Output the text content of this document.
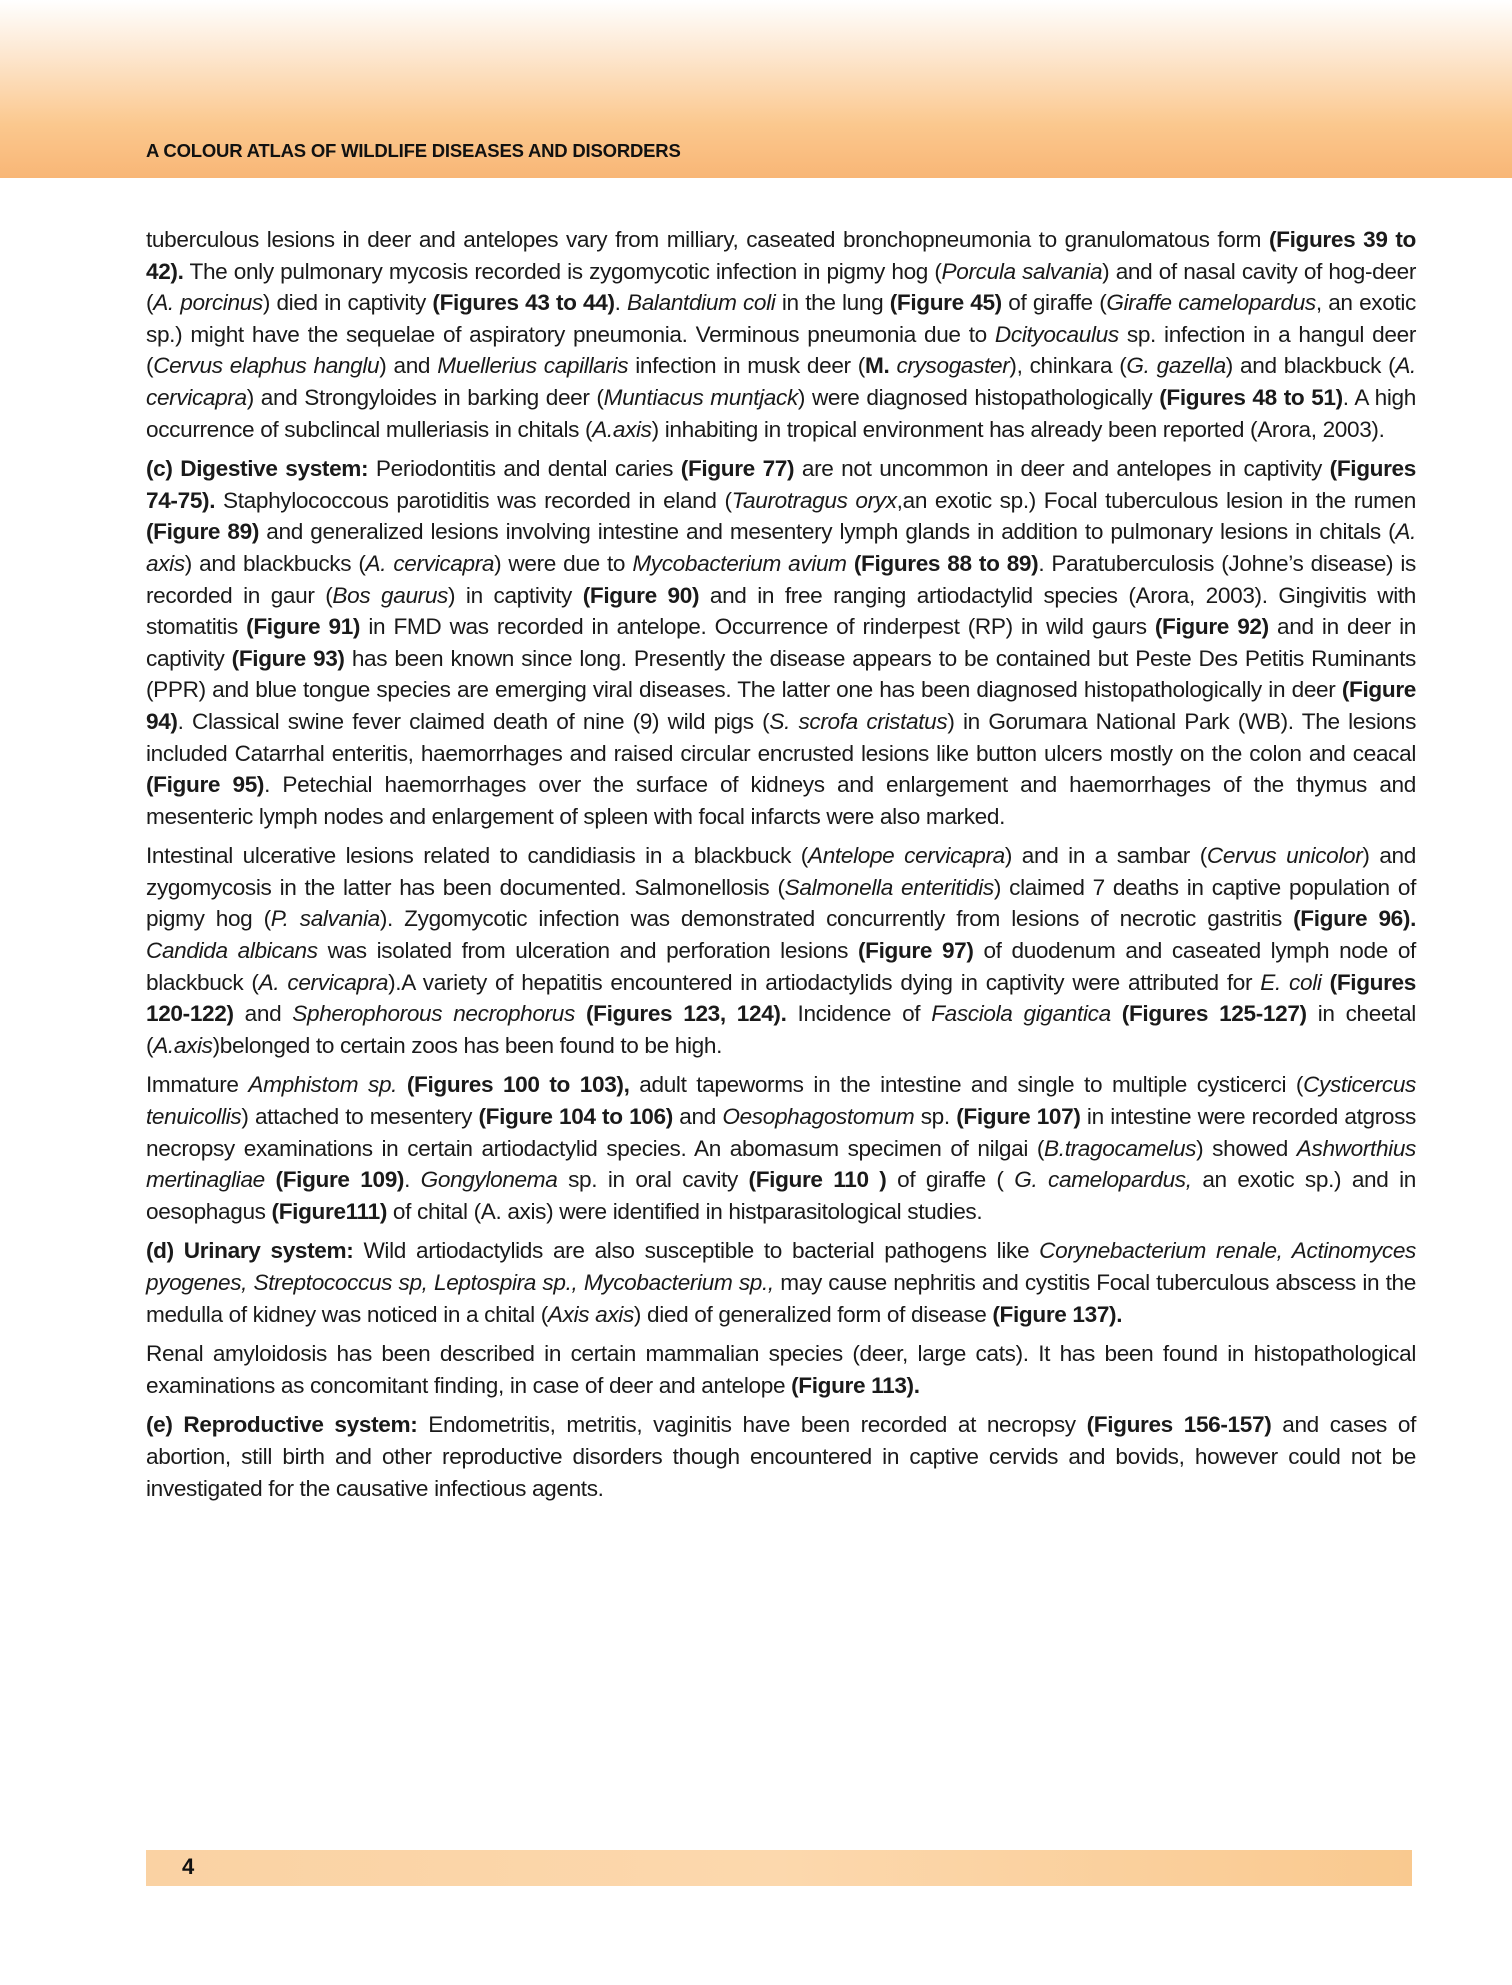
A COLOUR ATLAS OF WILDLIFE DISEASES AND DISORDERS

tuberculous lesions in deer and antelopes vary from milliary, caseated bronchopneumonia to granulomatous form (Figures 39 to 42). The only pulmonary mycosis recorded is zygomycotic infection in pigmy hog (Porcula salvania) and of nasal cavity of hog-deer (A. porcinus) died in captivity (Figures 43 to 44). Balantdium coli in the lung (Figure 45) of giraffe (Giraffe camelopardus, an exotic sp.) might have the sequelae of aspiratory pneumonia. Verminous pneumonia due to Dcityocaulus sp. infection in a hangul deer (Cervus elaphus hanglu) and Muellerius capillaris infection in musk deer (M. crysogaster), chinkara (G. gazella) and blackbuck (A. cervicapra) and Strongyloides in barking deer (Muntiacus muntjack) were diagnosed histopathologically (Figures 48 to 51). A high occurrence of subclincal mulleriasis in chitals (A.axis) inhabiting in tropical environment has already been reported (Arora, 2003).

(c) Digestive system: Periodontitis and dental caries (Figure 77) are not uncommon in deer and antelopes in captivity (Figures 74-75). Staphylococcous parotiditis was recorded in eland (Taurotragus oryx,an exotic sp.) Focal tuberculous lesion in the rumen (Figure 89) and generalized lesions involving intestine and mesentery lymph glands in addition to pulmonary lesions in chitals (A. axis) and blackbucks (A. cervicapra) were due to Mycobacterium avium (Figures 88 to 89). Paratuberculosis (Johne’s disease) is recorded in gaur (Bos gaurus) in captivity (Figure 90) and in free ranging artiodactylid species (Arora, 2003). Gingivitis with stomatitis (Figure 91) in FMD was recorded in antelope. Occurrence of rinderpest (RP) in wild gaurs (Figure 92) and in deer in captivity (Figure 93) has been known since long. Presently the disease appears to be contained but Peste Des Petitis Ruminants (PPR) and blue tongue species are emerging viral diseases. The latter one has been diagnosed histopathologically in deer (Figure 94). Classical swine fever claimed death of nine (9) wild pigs (S. scrofa cristatus) in Gorumara National Park (WB). The lesions included Catarrhal enteritis, haemorrhages and raised circular encrusted lesions like button ulcers mostly on the colon and ceacal (Figure 95). Petechial haemorrhages over the surface of kidneys and enlargement and haemorrhages of the thymus and mesenteric lymph nodes and enlargement of spleen with focal infarcts were also marked.

Intestinal ulcerative lesions related to candidiasis in a blackbuck (Antelope cervicapra) and in a sambar (Cervus unicolor) and zygomycosis in the latter has been documented. Salmonellosis (Salmonella enteritidis) claimed 7 deaths in captive population of pigmy hog (P. salvania). Zygomycotic infection was demonstrated concurrently from lesions of necrotic gastritis (Figure 96). Candida albicans was isolated from ulceration and perforation lesions (Figure 97) of duodenum and caseated lymph node of blackbuck (A. cervicapra).A variety of hepatitis encountered in artiodactylids dying in captivity were attributed for E. coli (Figures 120-122) and Spherophorous necrophorus (Figures 123, 124). Incidence of Fasciola gigantica (Figures 125-127) in cheetal (A.axis)belonged to certain zoos has been found to be high.

Immature Amphistom sp. (Figures 100 to 103), adult tapeworms in the intestine and single to multiple cysticerci (Cysticercus tenuicollis) attached to mesentery (Figure 104 to 106) and Oesophagostomum sp. (Figure 107) in intestine were recorded atgross necropsy examinations in certain artiodactylid species. An abomasum specimen of nilgai (B.tragocamelus) showed Ashworthius mertinagliae (Figure 109). Gongylonema sp. in oral cavity (Figure 110 ) of giraffe ( G. camelopardus, an exotic sp.) and in oesophagus (Figure111) of chital (A. axis) were identified in histparasitological studies.

(d) Urinary system: Wild artiodactylids are also susceptible to bacterial pathogens like Corynebacterium renale, Actinomyces pyogenes, Streptococcus sp, Leptospira sp., Mycobacterium sp., may cause nephritis and cystitis Focal tuberculous abscess in the medulla of kidney was noticed in a chital (Axis axis) died of generalized form of disease (Figure 137).

Renal amyloidosis has been described in certain mammalian species (deer, large cats). It has been found in histopathological examinations as concomitant finding, in case of deer and antelope (Figure 113).

(e) Reproductive system: Endometritis, metritis, vaginitis have been recorded at necropsy (Figures 156-157) and cases of abortion, still birth and other reproductive disorders though encountered in captive cervids and bovids, however could not be investigated for the causative infectious agents.

4
